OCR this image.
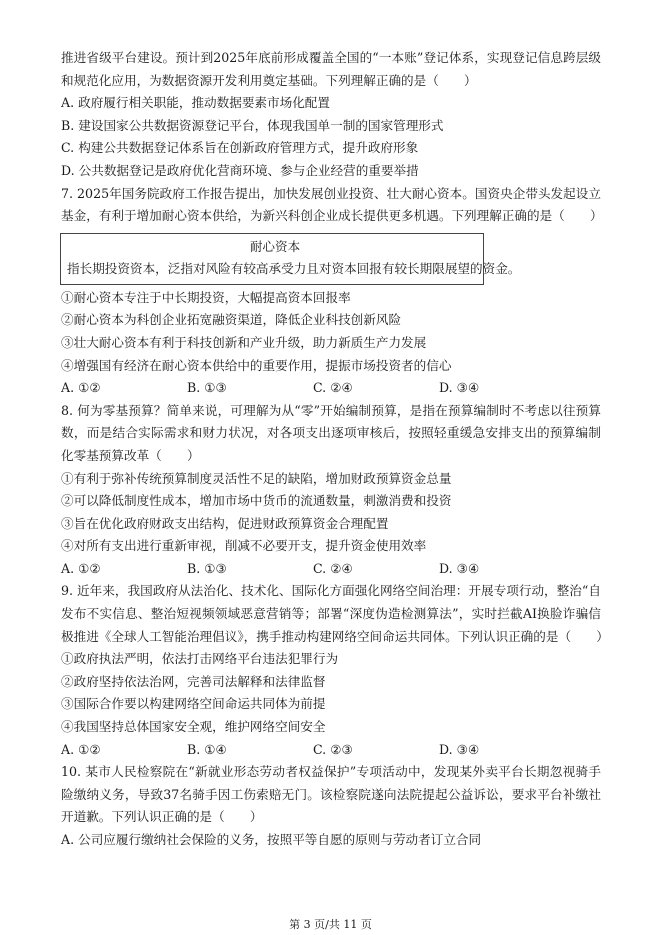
推进省级平台建设。预计到2025年底前形成覆盖全国的“一本账”登记体系，实现登记信息跨层级
和规范化应用，为数据资源开发利用奠定基础。下列理解正确的是（　　）
A. 政府履行相关职能，推动数据要素市场化配置
B. 建设国家公共数据资源登记平台，体现我国单一制的国家管理形式
C. 构建公共数据登记体系旨在创新政府管理方式，提升政府形象
D. 公共数据登记是政府优化营商环境、参与企业经营的重要举措
7. 2025年国务院政府工作报告提出，加快发展创业投资、壮大耐心资本。国资央企带头发起设立
基金，有利于增加耐心资本供给，为新兴科创企业成长提供更多机遇。下列理解正确的是（　　）
耐心资本
指长期投资资本，泛指对风险有较高承受力且对资本回报有较长期限展望的资金。
①耐心资本专注于中长期投资，大幅提高资本回报率
②耐心资本为科创企业拓宽融资渠道，降低企业科技创新风险
③壮大耐心资本有利于科技创新和产业升级，助力新质生产力发展
④增强国有经济在耐心资本供给中的重要作用，提振市场投资者的信心
A. ①②	B. ①③	C. ②④	D. ③④
8. 何为零基预算？简单来说，可理解为从“零”开始编制预算，是指在预算编制时不考虑以往预算
数，而是结合实际需求和财力状况，对各项支出逐项审核后，按照轻重缓急安排支出的预算编制
化零基预算改革（　　）
①有利于弥补传统预算制度灵活性不足的缺陷，增加财政预算资金总量
②可以降低制度性成本，增加市场中货币的流通数量，刺激消费和投资
③旨在优化政府财政支出结构，促进财政预算资金合理配置
④对所有支出进行重新审视，削减不必要开支，提升资金使用效率
A. ①②	B. ①③	C. ②④	D. ③④
9. 近年来，我国政府从法治化、技术化、国际化方面强化网络空间治理：开展专项行动，整治“自
发布不实信息、整治短视频领域恶意营销等；部署“深度伪造检测算法”，实时拦截AI换脸诈骗信
极推进《全球人工智能治理倡议》，携手推动构建网络空间命运共同体。下列认识正确的是（　　）
①政府执法严明，依法打击网络平台违法犯罪行为
②政府坚持依法治网，完善司法解释和法律监督
③国际合作要以构建网络空间命运共同体为前提
④我国坚持总体国家安全观，维护网络空间安全
A. ①②	B. ①④	C. ②③	D. ③④
10. 某市人民检察院在“新就业形态劳动者权益保护”专项活动中，发现某外卖平台长期忽视骑手
险缴纳义务，导致37名骑手因工伤索赔无门。该检察院遂向法院提起公益诉讼，要求平台补缴社
开道歉。下列认识正确的是（　　）
A. 公司应履行缴纳社会保险的义务，按照平等自愿的原则与劳动者订立合同
第 3 页/共 11 页
